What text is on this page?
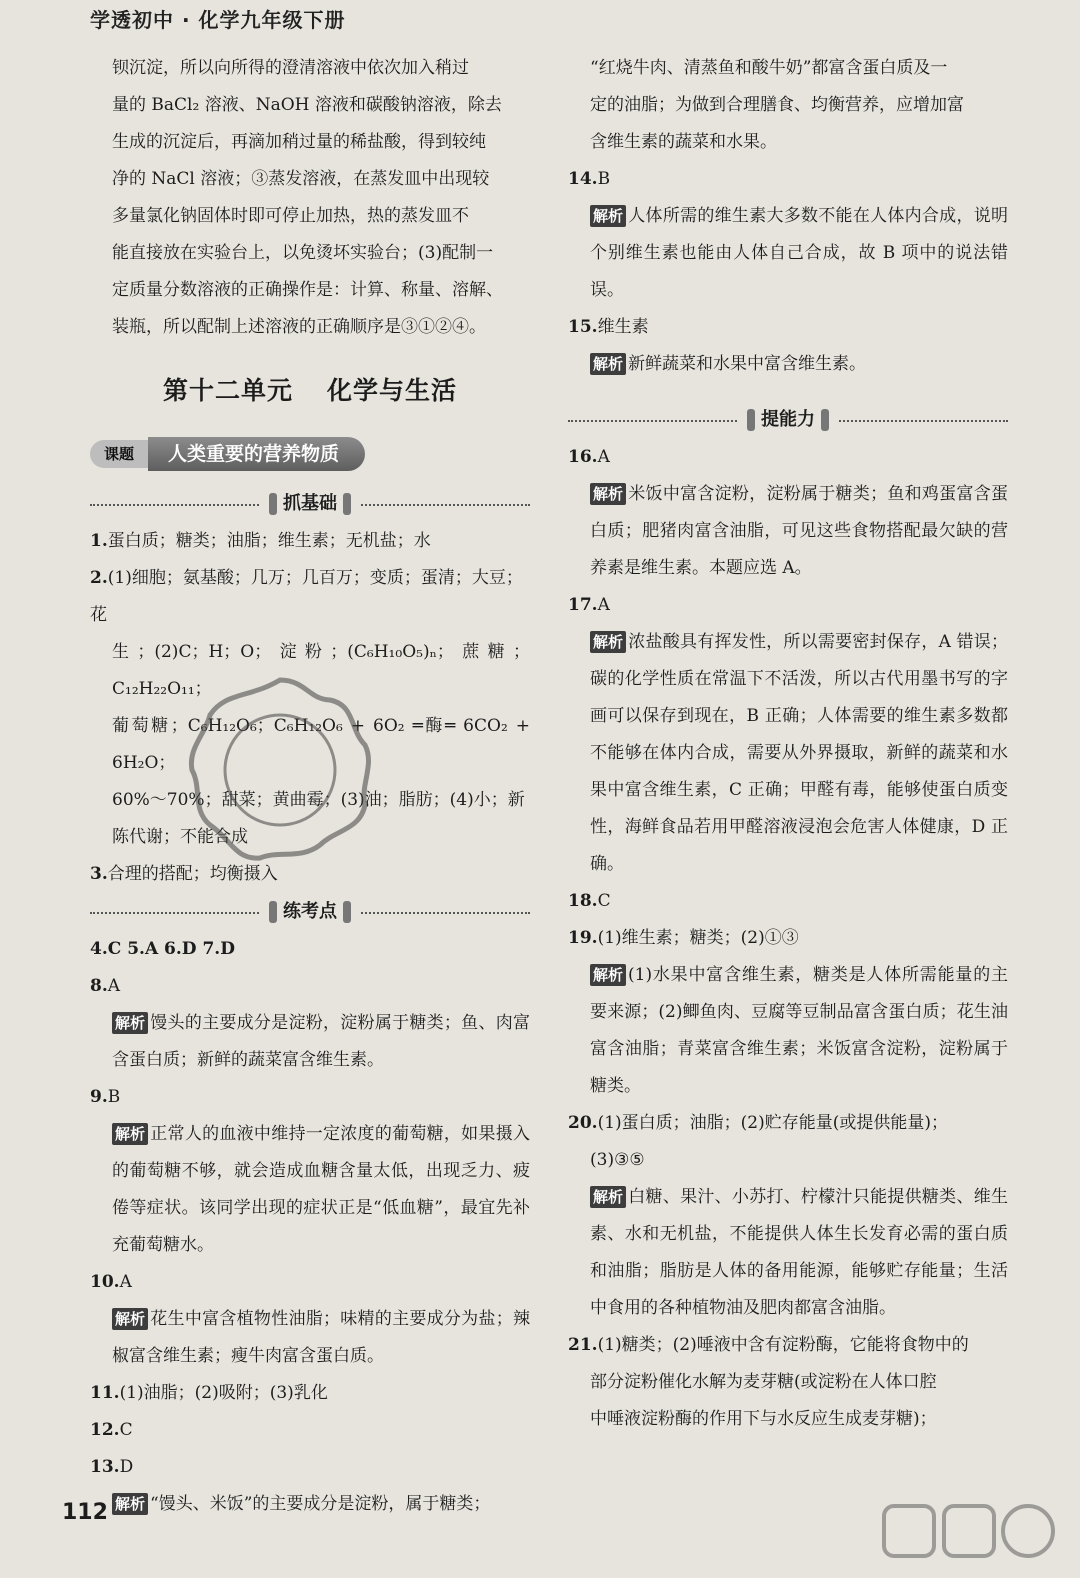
学透初中 · 化学九年级下册
钡沉淀，所以向所得的澄清溶液中依次加入稍过
量的 BaCl₂ 溶液、NaOH 溶液和碳酸钠溶液，除去
生成的沉淀后，再滴加稍过量的稀盐酸，得到较纯
净的 NaCl 溶液；③蒸发溶液，在蒸发皿中出现较
多量氯化钠固体时即可停止加热，热的蒸发皿不
能直接放在实验台上，以免烫坏实验台；(3)配制一
定质量分数溶液的正确操作是：计算、称量、溶解、
装瓶，所以配制上述溶液的正确顺序是③①②④。
第十二单元 化学与生活
课题	人类重要的营养物质
抓基础
1.蛋白质；糖类；油脂；维生素；无机盐；水
2.(1)细胞；氨基酸；几万；几百万；变质；蛋清；大豆；花
生；(2)C；H；O；淀粉；(C₆H₁₀O₅)ₙ；蔗糖；C₁₂H₂₂O₁₁；
葡萄糖；C₆H₁₂O₆；C₆H₁₂O₆ + 6O₂ ═酶═ 6CO₂ + 6H₂O；
60%～70%；甜菜；黄曲霉；(3)油；脂肪；(4)小；新
陈代谢；不能合成
3.合理的搭配；均衡摄入
练考点
4.C 5.A 6.D 7.D
8.A
解析 馒头的主要成分是淀粉，淀粉属于糖类；鱼、肉富含蛋白质；新鲜的蔬菜富含维生素。
9.B
解析 正常人的血液中维持一定浓度的葡萄糖，如果摄入的葡萄糖不够，就会造成血糖含量太低，出现乏力、疲倦等症状。该同学出现的症状正是“低血糖”，最宜先补充葡萄糖水。
10.A
解析 花生中富含植物性油脂；味精的主要成分为盐；辣椒富含维生素；瘦牛肉富含蛋白质。
11.(1)油脂；(2)吸附；(3)乳化
12.C
13.D
解析 “馒头、米饭”的主要成分是淀粉，属于糖类；
“红烧牛肉、清蒸鱼和酸牛奶”都富含蛋白质及一
定的油脂；为做到合理膳食、均衡营养，应增加富
含维生素的蔬菜和水果。
14.B
解析 人体所需的维生素大多数不能在人体内合成，说明个别维生素也能由人体自己合成，故 B 项中的说法错误。
15.维生素
解析 新鲜蔬菜和水果中富含维生素。
提能力
16.A
解析 米饭中富含淀粉，淀粉属于糖类；鱼和鸡蛋富含蛋白质；肥猪肉富含油脂，可见这些食物搭配最欠缺的营养素是维生素。本题应选 A。
17.A
解析 浓盐酸具有挥发性，所以需要密封保存，A 错误；碳的化学性质在常温下不活泼，所以古代用墨书写的字画可以保存到现在，B 正确；人体需要的维生素多数都不能够在体内合成，需要从外界摄取，新鲜的蔬菜和水果中富含维生素，C 正确；甲醛有毒，能够使蛋白质变性，海鲜食品若用甲醛溶液浸泡会危害人体健康，D 正确。
18.C
19.(1)维生素；糖类；(2)①③
解析 (1)水果中富含维生素，糖类是人体所需能量的主要来源；(2)鲫鱼肉、豆腐等豆制品富含蛋白质；花生油富含油脂；青菜富含维生素；米饭富含淀粉，淀粉属于糖类。
20.(1)蛋白质；油脂；(2)贮存能量(或提供能量)；
(3)③⑤
解析 白糖、果汁、小苏打、柠檬汁只能提供糖类、维生素、水和无机盐，不能提供人体生长发育必需的蛋白质和油脂；脂肪是人体的备用能源，能够贮存能量；生活中食用的各种植物油及肥肉都富含油脂。
21.(1)糖类；(2)唾液中含有淀粉酶，它能将食物中的
部分淀粉催化水解为麦芽糖(或淀粉在人体口腔
中唾液淀粉酶的作用下与水反应生成麦芽糖)；
112
